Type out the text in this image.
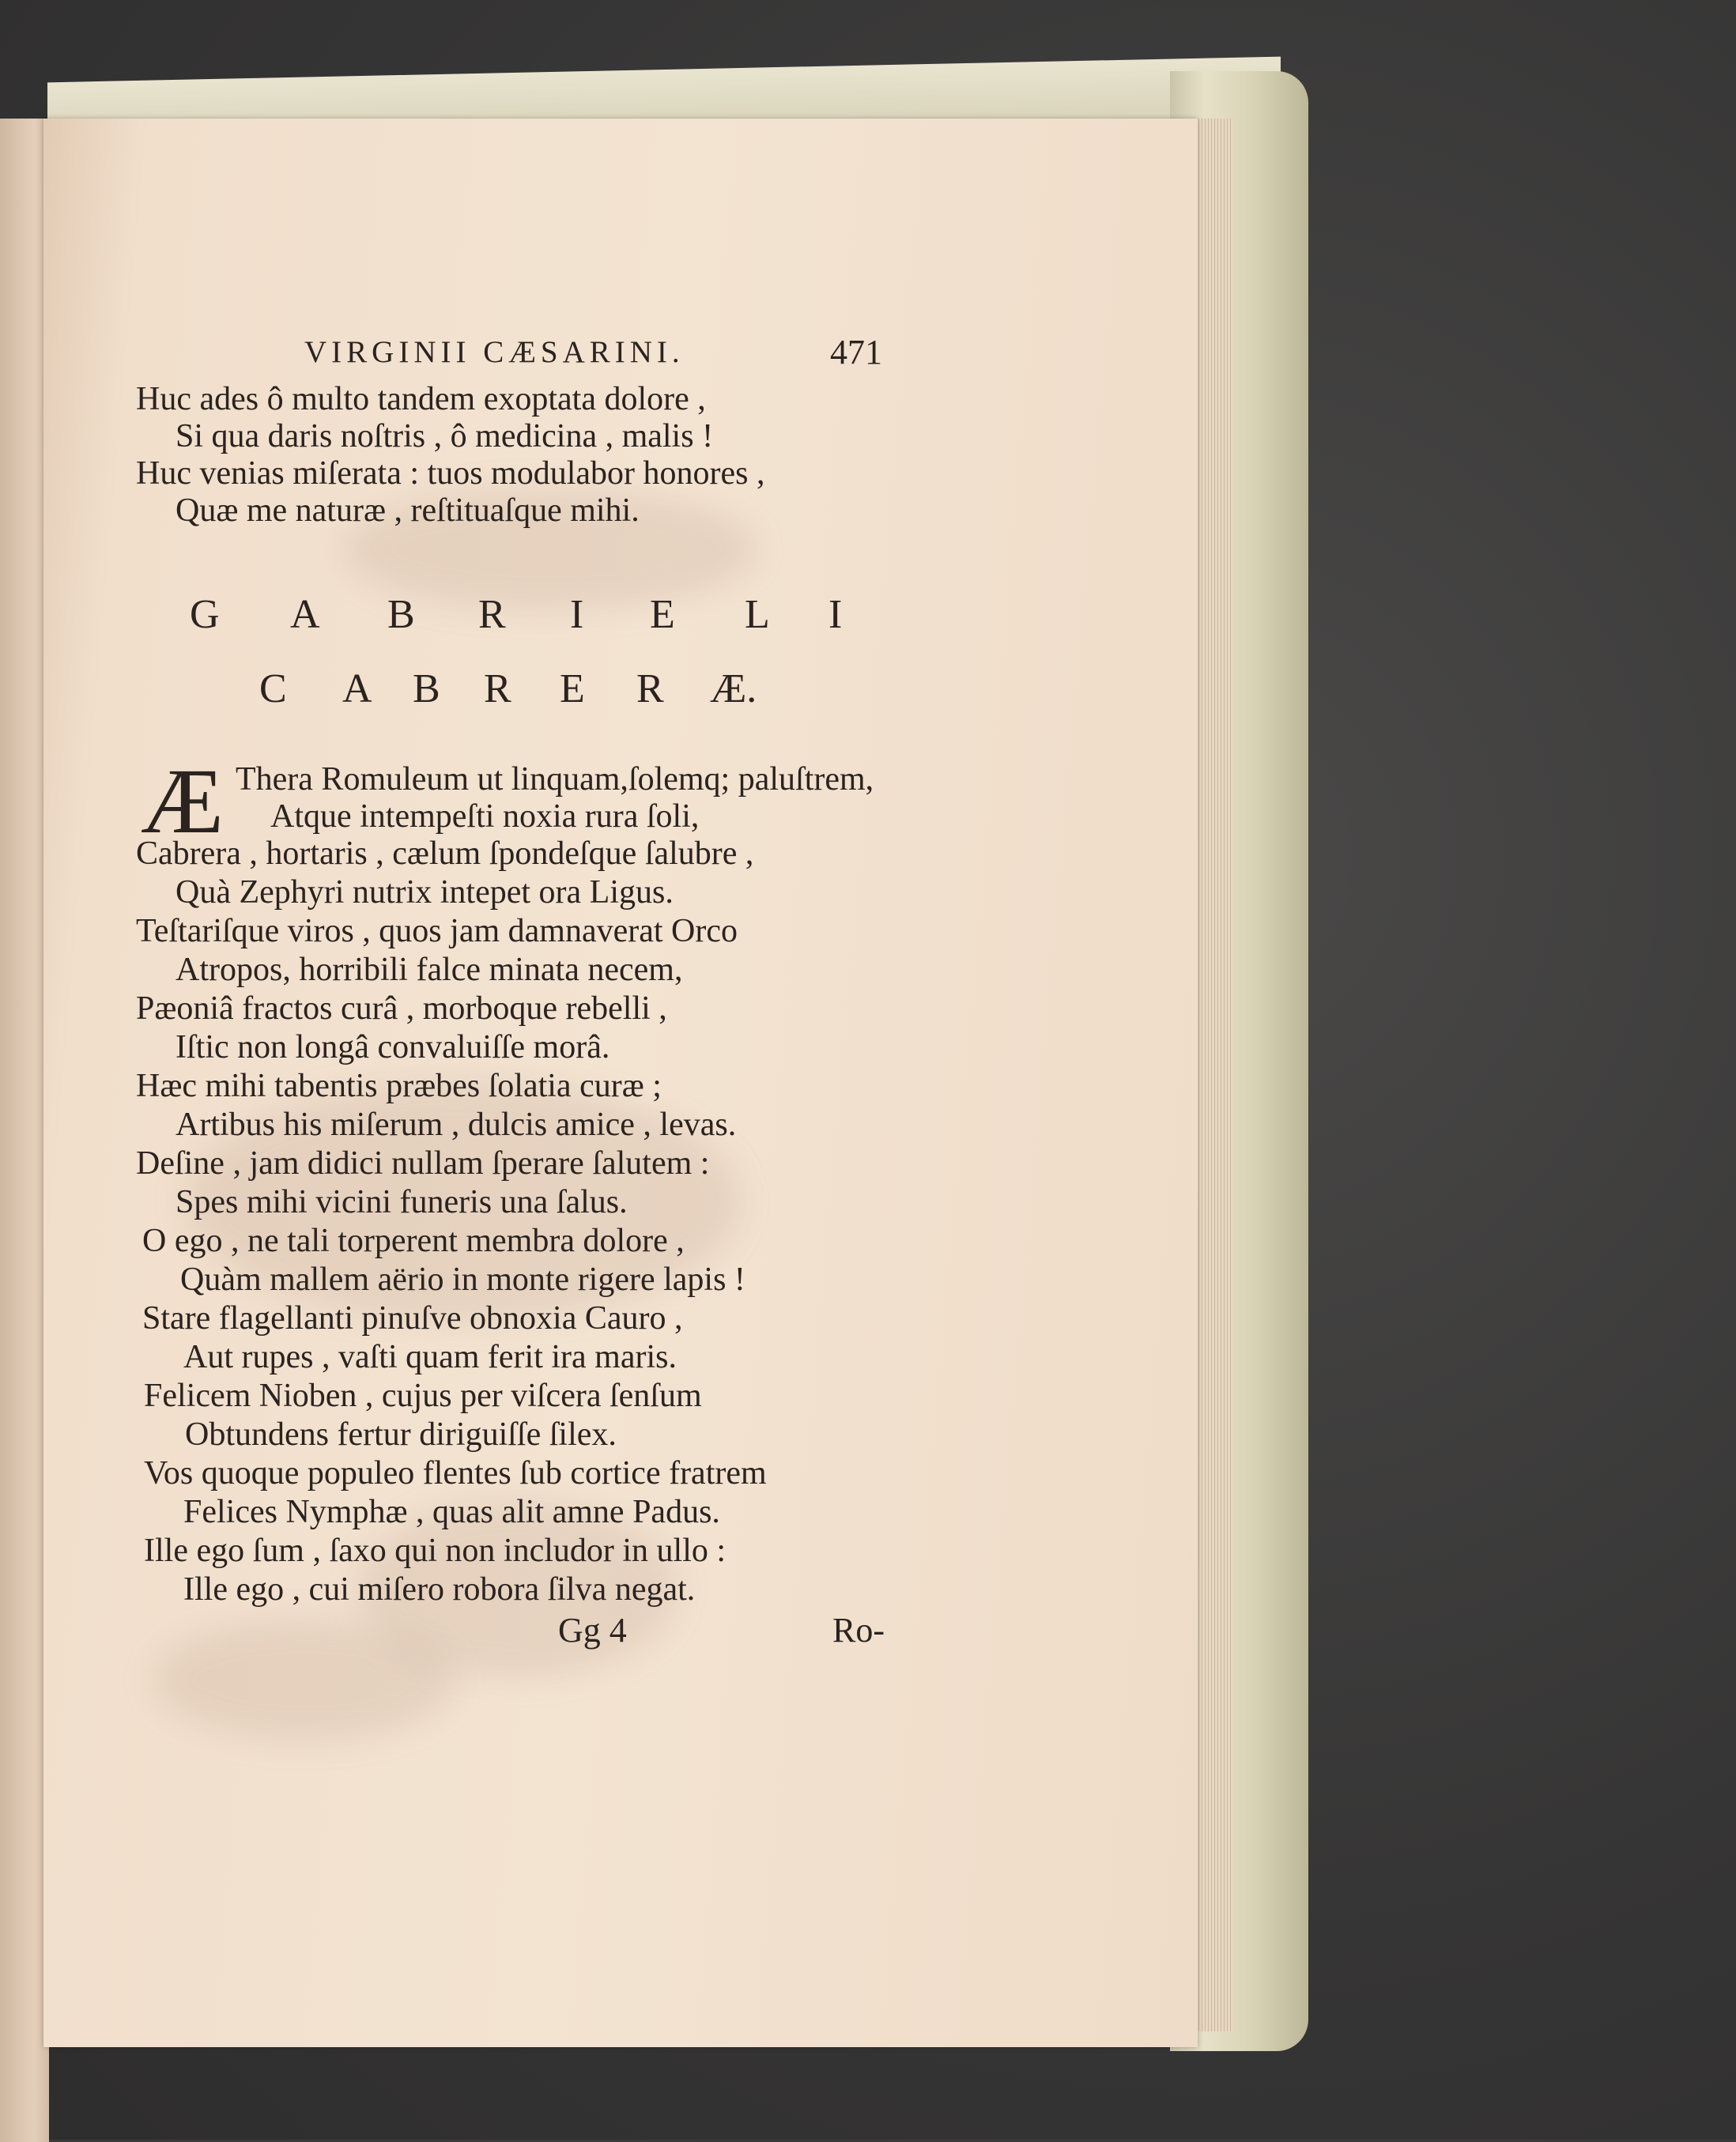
VIRGINII CÆSARINI.	471
Huc ades ô multo tandem exoptata dolore ,
Si qua daris noſtris , ô medicina , malis !
Huc venias miſerata : tuos modulabor honores ,
Quæ me naturæ , reſtituaſque mihi.
G A B R I E L I
C A B R E R Æ.
Æ Thera Romuleum ut linquam,ſolemq; paluſtrem,
Atque intempeſti noxia rura ſoli,
Cabrera , hortaris , cælum ſpondeſque ſalubre ,
Quà Zephyri nutrix intepet ora Ligus.
Teſtariſque viros , quos jam damnaverat Orco
Atropos, horribili falce minata necem,
Pæoniâ fractos curâ , morboque rebelli ,
Iſtic non longâ convaluiſſe morâ.
Hæc mihi tabentis præbes ſolatia curæ ;
Artibus his miſerum , dulcis amice , levas.
Deſine , jam didici nullam ſperare ſalutem :
Spes mihi vicini funeris una ſalus.
O ego , ne tali torperent membra dolore ,
Quàm mallem aërio in monte rigere lapis !
Stare flagellanti pinuſve obnoxia Cauro ,
Aut rupes , vaſti quam ferit ira maris.
Felicem Nioben , cujus per viſcera ſenſum
Obtundens fertur diriguiſſe ſilex.
Vos quoque populeo flentes ſub cortice fratrem
Felices Nymphæ , quas alit amne Padus.
Ille ego ſum , ſaxo qui non includor in ullo :
Ille ego , cui miſero robora ſilva negat.
Gg 4	Ro-
